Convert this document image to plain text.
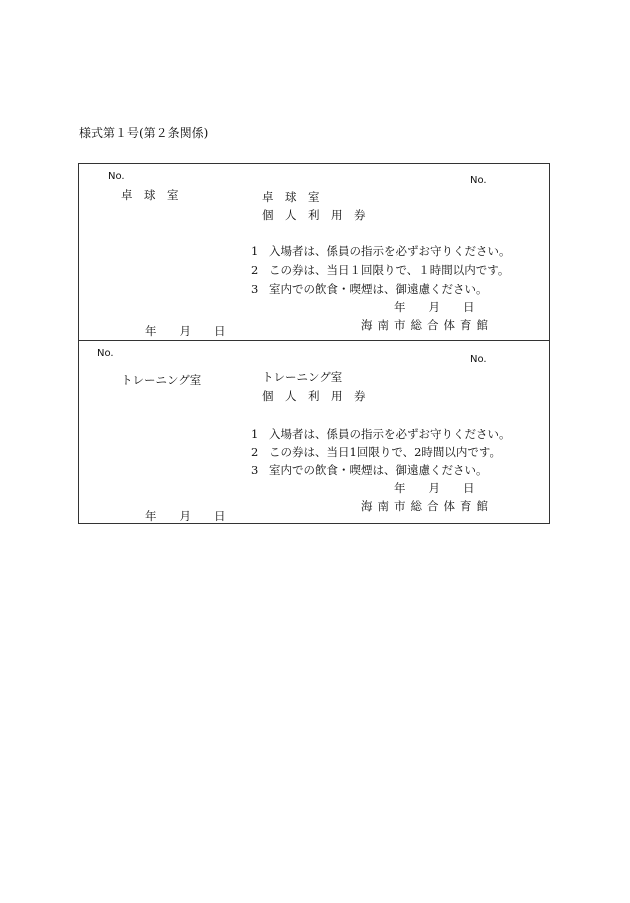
様式第１号(第２条関係)
No.
卓　球　室
年　　月　　日
No.
卓　球　室
個　人　利　用　券
1 入場者は、係員の指示を必ずお守りください。
2 この券は、当日１回限りで、１時間以内です。
3 室内での飲食・喫煙は、御遠慮ください。
年　　月　　日
海南市総合体育館
No.
トレーニング室
年　　月　　日
No.
トレーニング室
個　人　利　用　券
1 入場者は、係員の指示を必ずお守りください。
2 この券は、当日1回限りで、2時間以内です。
3 室内での飲食・喫煙は、御遠慮ください。
年　　月　　日
海南市総合体育館
